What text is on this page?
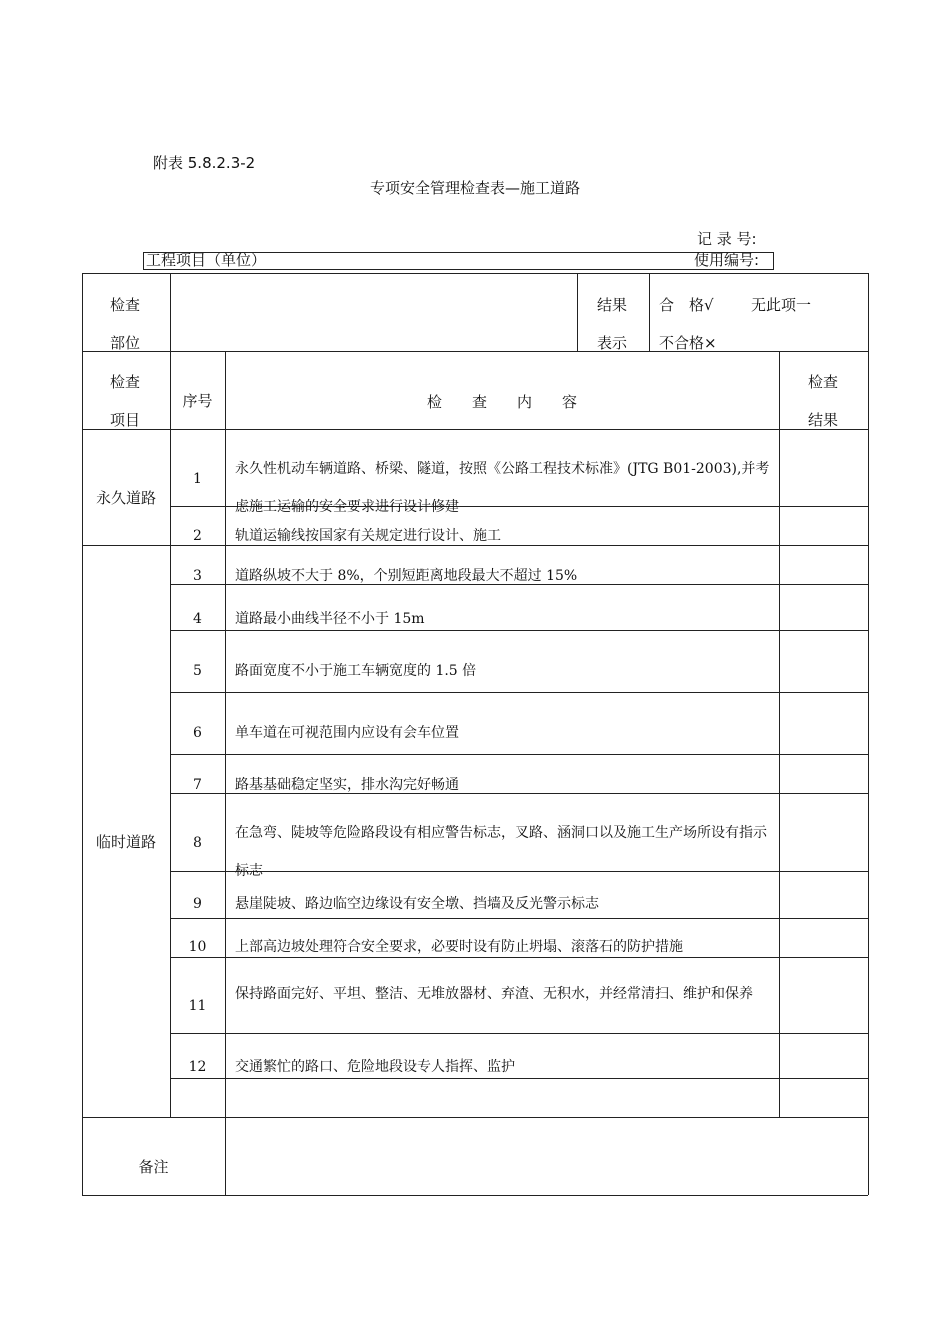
附表 5.8.2.3-2
专项安全管理检查表—施工道路
记 录 号:
工程项目（单位）	使用编号:
检查
部位
结果
表示
合　格√ 无此项一
不合格×
检查
项目
序号	检　　查　　内　　容
检查
结果
永久道路
临时道路
1
2
3
4
5
6
7
8
9
10
11
12
永久性机动车辆道路、桥梁、隧道，按照《公路工程技术标准》(JTG B01-2003),并考虑施工运输的安全要求进行设计修建
轨道运输线按国家有关规定进行设计、施工
道路纵坡不大于 8%，个别短距离地段最大不超过 15%
道路最小曲线半径不小于 15m
路面宽度不小于施工车辆宽度的 1.5 倍
单车道在可视范围内应设有会车位置
路基基础稳定坚实，排水沟完好畅通
在急弯、陡坡等危险路段设有相应警告标志，叉路、涵洞口以及施工生产场所设有指示标志
悬崖陡坡、路边临空边缘设有安全墩、挡墙及反光警示标志
上部高边坡处理符合安全要求，必要时设有防止坍塌、滚落石的防护措施
保持路面完好、平坦、整洁、无堆放器材、弃渣、无积水，并经常清扫、维护和保养
交通繁忙的路口、危险地段设专人指挥、监护
备注
